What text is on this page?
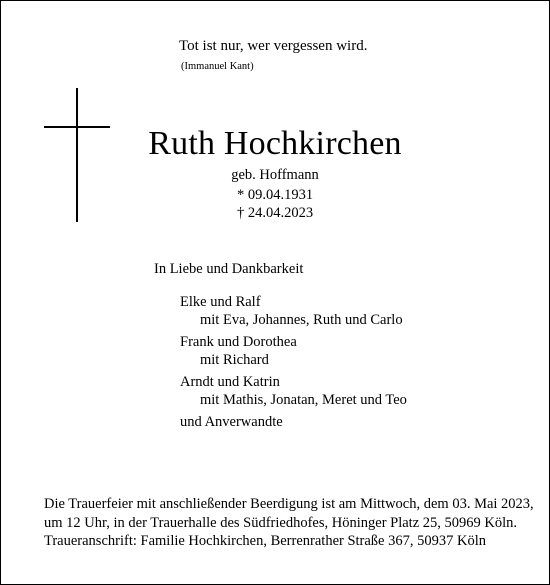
Tot ist nur, wer vergessen wird.
(Immanuel Kant)
Ruth Hochkirchen
geb. Hoffmann
* 09.04.1931
† 24.04.2023
In Liebe und Dankbarkeit
Elke und Ralf
mit Eva, Johannes, Ruth und Carlo
Frank und Dorothea
mit Richard
Arndt und Katrin
mit Mathis, Jonatan, Meret und Teo
und Anverwandte
Die Trauerfeier mit anschließender Beerdigung ist am Mittwoch, dem 03. Mai 2023,
um 12 Uhr, in der Trauerhalle des Südfriedhofes, Höninger Platz 25, 50969 Köln.
Traueranschrift: Familie Hochkirchen, Berrenrather Straße 367, 50937 Köln
